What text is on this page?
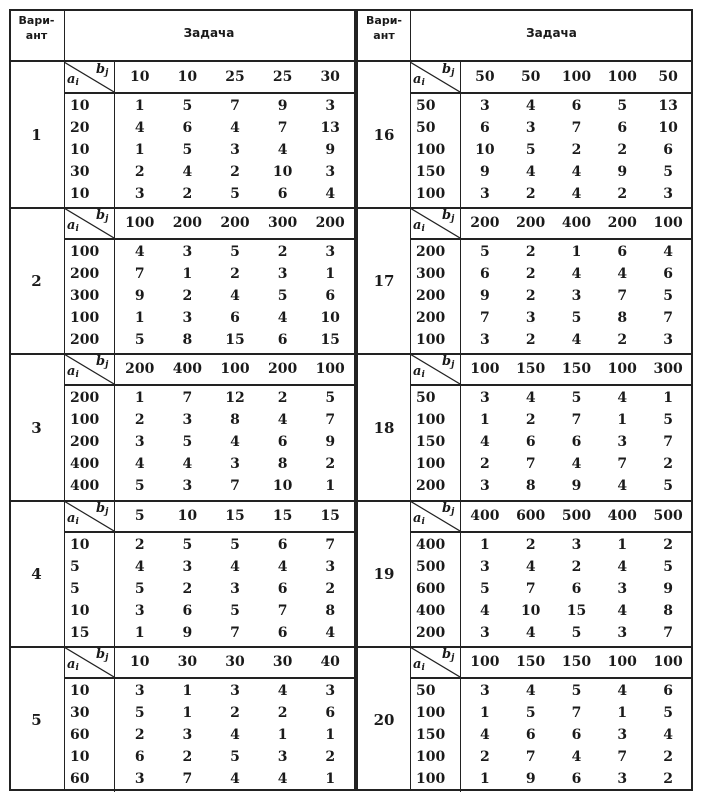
Вари-
ант	Задача
Вари-
ант	Задача
1
$a_i$
$b_j$	10	10	25	25	30
10	1	5	7	9	3
20	4	6	4	7	13
10	1	5	3	4	9
30	2	4	2	10	3
10	3	2	5	6	4
16
$a_i$
$b_j$	50	50	100	100	50
50	3	4	6	5	13
50	6	3	7	6	10
100	10	5	2	2	6
150	9	4	4	9	5
100	3	2	4	2	3
2
$a_i$
$b_j$	100	200	200	300	200
100	4	3	5	2	3
200	7	1	2	3	1
300	9	2	4	5	6
100	1	3	6	4	10
200	5	8	15	6	15
17
$a_i$
$b_j$	200	200	400	200	100
200	5	2	1	6	4
300	6	2	4	4	6
200	9	2	3	7	5
200	7	3	5	8	7
100	3	2	4	2	3
3
$a_i$
$b_j$	200	400	100	200	100
200	1	7	12	2	5
100	2	3	8	4	7
200	3	5	4	6	9
400	4	4	3	8	2
400	5	3	7	10	1
18
$a_i$
$b_j$	100	150	150	100	300
50	3	4	5	4	1
100	1	2	7	1	5
150	4	6	6	3	7
100	2	7	4	7	2
200	3	8	9	4	5
4
$a_i$
$b_j$	5	10	15	15	15
10	2	5	5	6	7
5	4	3	4	4	3
5	5	2	3	6	2
10	3	6	5	7	8
15	1	9	7	6	4
19
$a_i$
$b_j$	400	600	500	400	500
400	1	2	3	1	2
500	3	4	2	4	5
600	5	7	6	3	9
400	4	10	15	4	8
200	3	4	5	3	7
5
$a_i$
$b_j$	10	30	30	30	40
10	3	1	3	4	3
30	5	1	2	2	6
60	2	3	4	1	1
10	6	2	5	3	2
60	3	7	4	4	1
20
$a_i$
$b_j$	100	150	150	100	100
50	3	4	5	4	6
100	1	5	7	1	5
150	4	6	6	3	4
100	2	7	4	7	2
100	1	9	6	3	2
